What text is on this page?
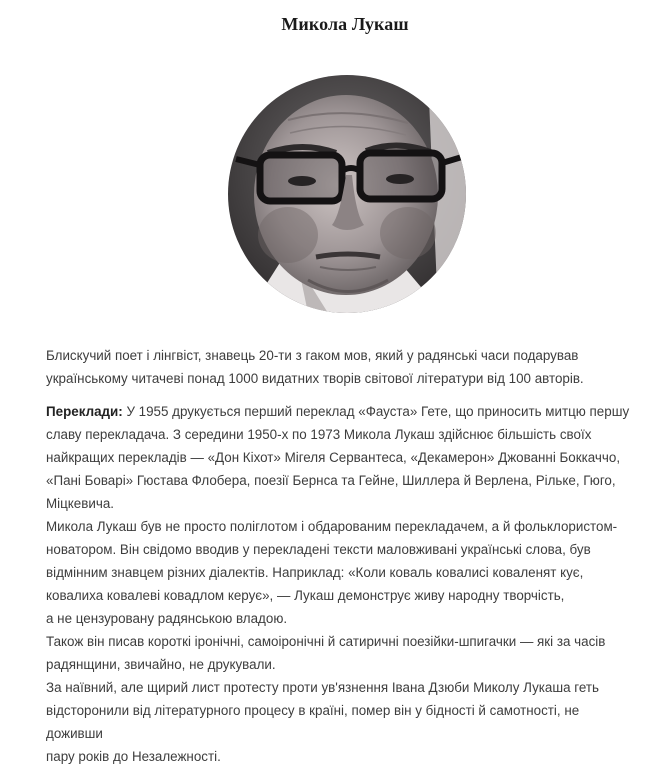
Микола Лукаш

Блискучий поет і лінгвіст, знавець 20-ти з гаком мов, який у радянські часи подарував
українському читачеві понад 1000 видатних творів світової літератури від 100 авторів.

Переклади: У 1955 друкується перший переклад «Фауста» Гете, що приносить митцю першу
славу перекладача. З середини 1950-х по 1973 Микола Лукаш здійснює більшість своїх
найкращих перекладів — «Дон Кіхот» Мігеля Сервантеса, «Декамерон» Джованні Боккаччо,
«Пані Боварі» Гюстава Флобера, поезії Бернса та Гейне, Шиллера й Верлена, Рільке, Гюго,
Міцкевича.
Микола Лукаш був не просто поліглотом і обдарованим перекладачем, а й фольклористом-
новатором. Він свідомо вводив у перекладені тексти маловживані українські слова, був
відмінним знавцем різних діалектів. Наприклад: «Коли коваль ковалисі коваленят кує,
ковалиха ковалеві ковадлом керує», — Лукаш демонструє живу народну творчість,
а не цензуровану радянською владою.
Також він писав короткі іронічні, самоіронічні й сатиричні поезійки-шпигачки — які за часів
радянщини, звичайно, не друкували.
За наївний, але щирий лист протесту проти ув'язнення Івана Дзюби Миколу Лукаша геть
відсторонили від літературного процесу в країні, помер він у бідності й самотності, не доживши
пару років до Незалежності.
